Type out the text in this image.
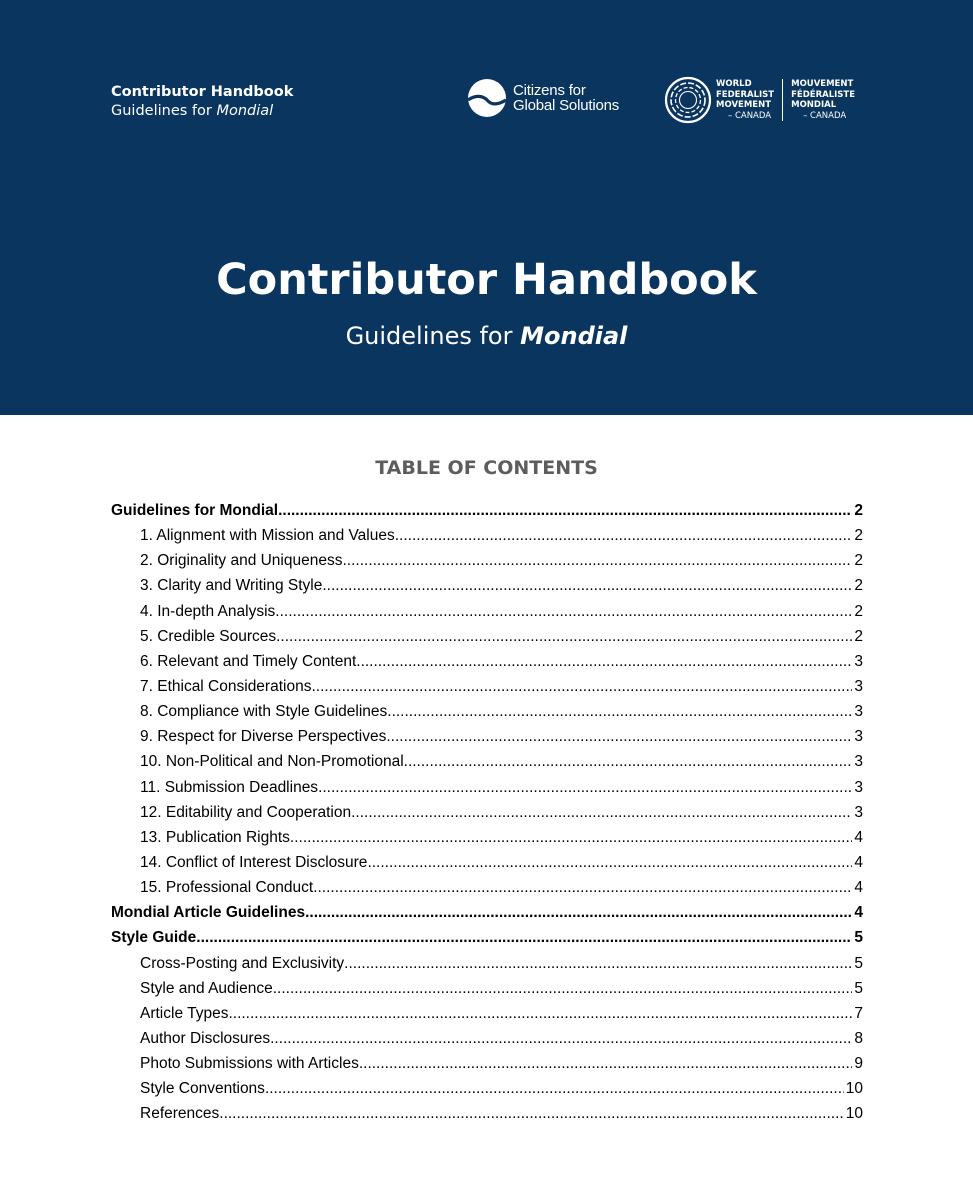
Contributor Handbook
Guidelines for Mondial
Citizens for
Global Solutions
WORLD
FEDERALIST
MOVEMENT
– CANADA
MOUVEMENT
FÉDÉRALISTE
MONDIAL
– CANADA
Contributor Handbook
Guidelines for Mondial
TABLE OF CONTENTS
Guidelines for Mondial .....	2
1. Alignment with Mission and Values .....	2
2. Originality and Uniqueness .....	2
3. Clarity and Writing Style .....	2
4. In-depth Analysis .....	2
5. Credible Sources .....	2
6. Relevant and Timely Content .....	3
7. Ethical Considerations .....	3
8. Compliance with Style Guidelines .....	3
9. Respect for Diverse Perspectives .....	3
10. Non-Political and Non-Promotional .....	3
11. Submission Deadlines .....	3
12. Editability and Cooperation .....	3
13. Publication Rights .....	4
14. Conflict of Interest Disclosure .....	4
15. Professional Conduct .....	4
Mondial Article Guidelines .....	4
Style Guide .....	5
Cross-Posting and Exclusivity .....	5
Style and Audience .....	5
Article Types .....	7
Author Disclosures .....	8
Photo Submissions with Articles .....	9
Style Conventions .....	10
References .....	10
